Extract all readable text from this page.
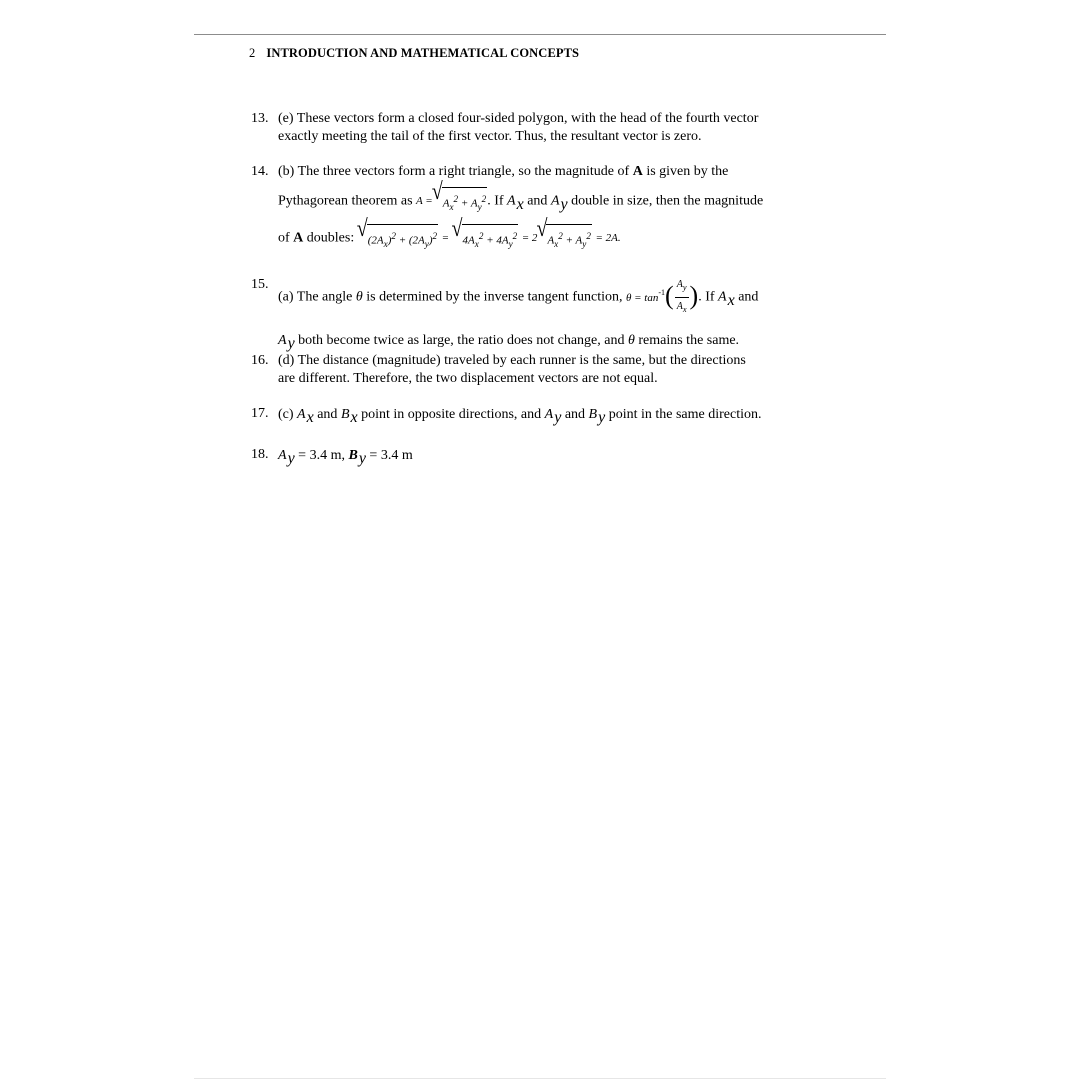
2 INTRODUCTION AND MATHEMATICAL CONCEPTS
13. (e) These vectors form a closed four-sided polygon, with the head of the fourth vector
exactly meeting the tail of the first vector. Thus, the resultant vector is zero.
14. (b) The three vectors form a right triangle, so the magnitude of A is given by the
Pythagorean theorem as A =√ $A_x^2 + A_y^2$. If Ax and Ay double in size, then the magnitude
of A doubles: √ $(2A_x)^2 + (2A_y)^2$ = √ $4A_x^2 + 4A_y^2 = 2√$ $A_x^2 + A_y^2 = 2A$.
15.
(a) The angle θ is determined by the inverse tangent function, $\theta = \tan^{-1}( \frac{A_y}{A_x}$ ). If Ax and
Ay both become twice as large, the ratio does not change, and θ remains the same.
16. (d) The distance (magnitude) traveled by each runner is the same, but the directions
are different. Therefore, the two displacement vectors are not equal.
17. (c) Ax and Bx point in opposite directions, and Ay and By point in the same direction.
18. Ay = 3.4 m, By = 3.4 m
